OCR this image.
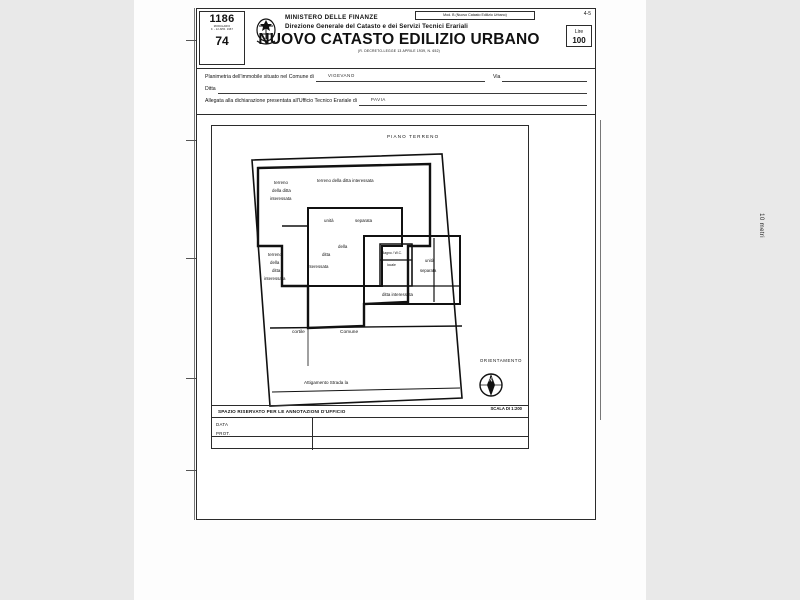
10 metri
1186
MODULARIO
F. - 12 APR. 1967
74
MINISTERO DELLE FINANZE
Direzione Generale del Catasto e dei Servizi Tecnici Erariali
Mod. B (Nuovo Catasto Edilizio Urbano)	4-5
Lire
100
NUOVO CATASTO EDILIZIO URBANO
(R. DECRETO-LEGGE 13 APRILE 1939, N. 652)
Planimetria dell'immobile situato nel Comune di	VIGEVANO	Via
Ditta
Allegata alla dichiarazione presentata all'Ufficio Tecnico Erariale di	PAVIA
PIANO TERRENO
terreno
della ditta
interessata
terreno della ditta interessata
unità	separata
terreno
della
ditta
interessata
ditta
interessata
della
Bagno / W.C.
locale
unità
separata
ditta interessata
cortile	Comune
Attigamento Strada la
ORIENTAMENTO
N
SCALA DI 1:200
SPAZIO RISERVATO PER LE ANNOTAZIONI D'UFFICIO
DATA
PROT.
